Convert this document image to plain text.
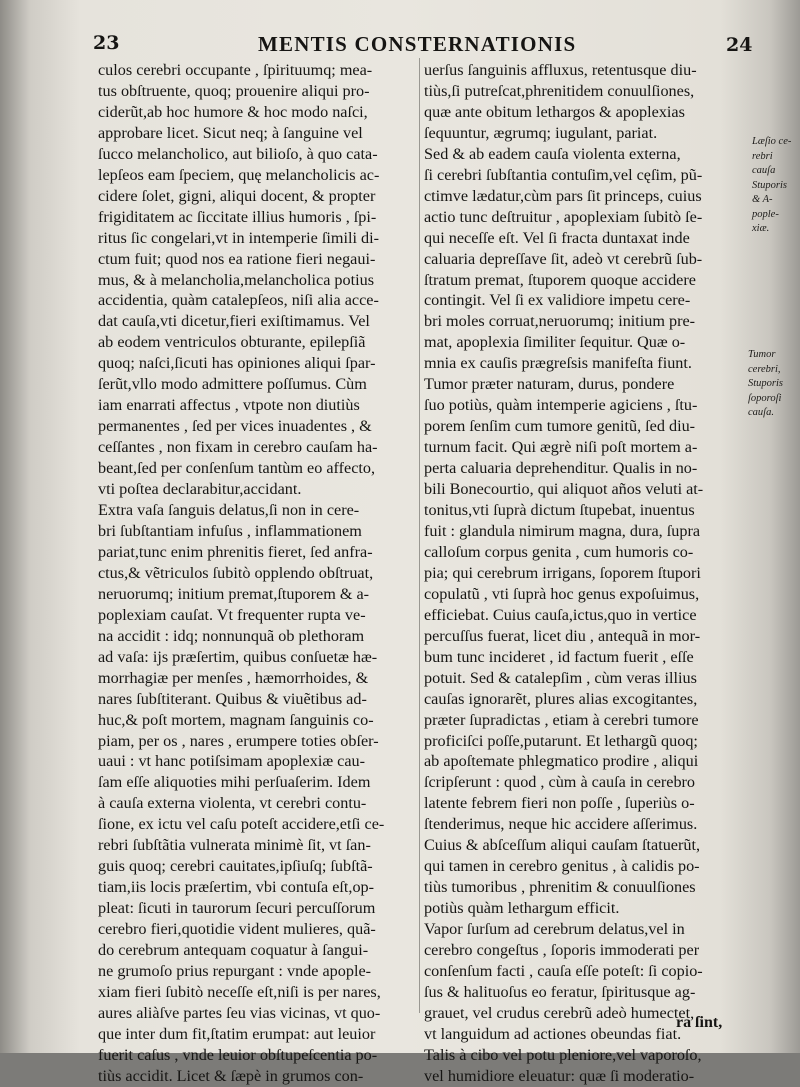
23	MENTIS CONSTERNATIONIS	24
culos cerebri occupante , ſpirituumq; mea-
tus obſtruente, quoq; prouenire aliqui pro-
ciderũt,ab hoc humore & hoc modo naſci,
approbare licet. Sicut neq; à ſanguine vel
ſucco melancholico, aut bilioſo, à quo cata-
lepſeos eam ſpeciem, quę melancholicis ac-
cidere ſolet, gigni, aliqui docent, & propter
frigiditatem ac ſiccitate illius humoris , ſpi-
ritus ſic congelari,vt in intemperie ſimili di-
ctum fuit; quod nos ea ratione fieri negaui-
mus, & à melancholia,melancholica potius
accidentia, quàm catalepſeos, niſi alia acce-
dat cauſa,vti dicetur,fieri exiſtimamus. Vel
ab eodem ventriculos obturante, epilepſiã
quoq; naſci,ſicuti has opiniones aliqui ſpar-
ſerũt,vllo modo admittere poſſumus. Cùm
iam enarrati affectus , vtpote non diutiùs
permanentes , ſed per vices inuadentes , &
ceſſantes , non fixam in cerebro cauſam ha-
beant,ſed per conſenſum tantùm eo affecto,
vti poſtea declarabitur,accidant.
Extra vaſa ſanguis delatus,ſi non in cere-
bri ſubſtantiam infuſus , inflammationem
pariat,tunc enim phrenitis fieret, ſed anfra-
ctus,& vẽtriculos ſubitò opplendo obſtruat,
neruorumq; initium premat,ſtuporem & a-
poplexiam cauſat. Vt frequenter rupta ve-
na accidit : idq; nonnunquã ob plethoram
ad vaſa: ijs præſertim, quibus conſuetæ hæ-
morrhagiæ per menſes , hæmorrhoides, &
nares ſubſtiterant. Quibus & viuẽtibus ad-
huc,& poſt mortem, magnam ſanguinis co-
piam, per os , nares , erumpere toties obſer-
uaui : vt hanc potiſsimam apoplexiæ cau-
ſam eſſe aliquoties mihi perſuaſerim. Idem
à cauſa externa violenta, vt cerebri contu-
ſione, ex ictu vel caſu poteſt accidere,etſi ce-
rebri ſubſtãtia vulnerata minimè ſit, vt ſan-
guis quoq; cerebri cauitates,ipſiuſq; ſubſtã-
tiam,iis locis præſertim, vbi contuſa eſt,op-
pleat: ſicuti in taurorum ſecuri percuſſorum
cerebro fieri,quotidie vident mulieres, quã-
do cerebrum antequam coquatur à ſangui-
ne grumoſo prius repurgant : vnde apople-
xiam fieri ſubitò neceſſe eſt,niſi is per nares,
aures aliàſve partes ſeu vias vicinas, vt quo-
que inter dum fit,ſtatim erumpat: aut leuior
fuerit caſus , vnde leuior obſtupeſcentia po-
tiùs accidit. Licet & ſæpè in grumos con-
uerſus ſanguinis affluxus, retentusque diu-
tiùs,ſi putreſcat,phrenitidem conuulſiones,
quæ ante obitum lethargos & apoplexias
ſequuntur, ægrumq; iugulant, pariat.
Sed & ab eadem cauſa violenta externa,
ſi cerebri ſubſtantia contuſim,vel cęſim, pũ-
ctimve lædatur,cùm pars ſit princeps, cuius
actio tunc deſtruitur , apoplexiam ſubitò ſe-
qui neceſſe eſt. Vel ſi fracta duntaxat inde
caluaria depreſſave ſit, adeò vt cerebrũ ſub-
ſtratum premat, ſtuporem quoque accidere
contingit. Vel ſi ex validiore impetu cere-
bri moles corruat,neruorumq; initium pre-
mat, apoplexia ſimiliter ſequitur. Quæ o-
mnia ex cauſis prægreſsis manifeſta fiunt.
Tumor præter naturam, durus, pondere
ſuo potiùs, quàm intemperie agiciens , ſtu-
porem ſenſim cum tumore genitũ, ſed diu-
turnum facit. Qui ægrè niſi poſt mortem a-
perta caluaria deprehenditur. Qualis in no-
bili Bonecourtio, qui aliquot años veluti at-
tonitus,vti ſuprà dictum ſtupebat, inuentus
fuit : glandula nimirum magna, dura, ſupra
calloſum corpus genita , cum humoris co-
pia; qui cerebrum irrigans, ſoporem ſtupori
copulatũ , vti ſuprà hoc genus expoſuimus,
efficiebat. Cuius cauſa,ictus,quo in vertice
percuſſus fuerat, licet diu , antequã in mor-
bum tunc incideret , id factum fuerit , eſſe
potuit. Sed & catalepſim , cùm veras illius
cauſas ignorarẽt, plures alias excogitantes,
præter ſupradictas , etiam à cerebri tumore
proficiſci poſſe,putarunt. Et lethargũ quoq;
ab apoſtemate phlegmatico prodire , aliqui
ſcripſerunt : quod , cùm à cauſa in cerebro
latente febrem fieri non poſſe , ſuperiùs o-
ſtenderimus, neque hic accidere aſſerimus.
Cuius & abſceſſum aliqui cauſam ſtatuerũt,
qui tamen in cerebro genitus , à calidis po-
tiùs tumoribus , phrenitim & conuulſiones
potiùs quàm lethargum efficit.
Vapor ſurſum ad cerebrum delatus,vel in
cerebro congeſtus , ſoporis immoderati per
conſenſum facti , cauſa eſſe poteſt: ſi copio-
ſus & halituoſus eo feratur, ſpiritusque ag-
grauet, vel crudus cerebrũ adeò humectet,
vt languidum ad actiones obeundas fiat.
Talis à cibo vel potu pleniore,vel vaporoſo,
vel humidiore eleuatur: quæ ſi moderatio-
Læſio ce-
rebri
cauſa
Stuporis
& A-
pople-
xiæ.
Tumor
cerebri,
Stuporis
ſoporoſi
cauſa.
ra ſint,
